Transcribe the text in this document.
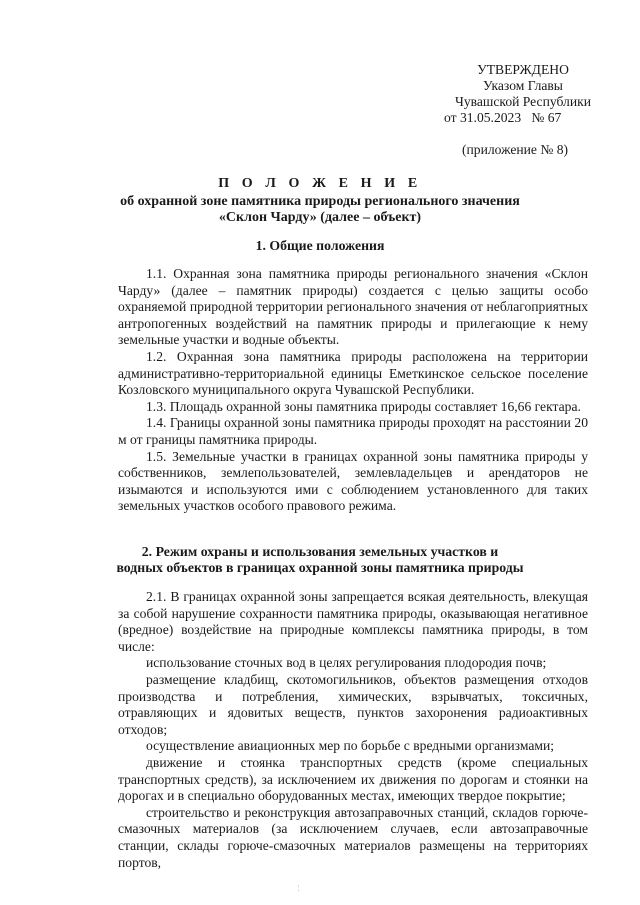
УТВЕРЖДЕНО
Указом Главы
Чувашской Республики
от 31.05.2023   № 67
(приложение № 8)
П О Л О Ж Е Н И Е
об охранной зоне памятника природы регионального значения
«Склон Чарду» (далее – объект)
1. Общие положения

1.1. Охранная зона памятника природы регионального значения «Склон Чарду» (далее – памятник природы) создается с целью защиты особо охраняемой природной территории регионального значения от неблагоприятных антропогенных воздействий на памятник природы и прилегающие к нему земельные участки и водные объекты.

1.2. Охранная зона памятника природы расположена на территории административно-территориальной единицы Еметкинское сельское поселение Козловского муниципального округа Чувашской Республики.

1.3. Площадь охранной зоны памятника природы составляет 16,66 гектара.

1.4. Границы охранной зоны памятника природы проходят на расстоянии 20 м от границы памятника природы.

1.5. Земельные участки в границах охранной зоны памятника природы у собственников, землепользователей, землевладельцев и арендаторов не изымаются и используются ими с соблюдением установленного для таких земельных участков особого правового режима.

2. Режим охраны и использования земельных участков и
водных объектов в границах охранной зоны памятника природы

2.1. В границах охранной зоны запрещается всякая деятельность, влекущая за собой нарушение сохранности памятника природы, оказывающая негативное (вредное) воздействие на природные комплексы памятника природы, в том числе:

использование сточных вод в целях регулирования плодородия почв;

размещение кладбищ, скотомогильников, объектов размещения отходов производства и потребления, химических, взрывчатых, токсичных, отравляющих и ядовитых веществ, пунктов захоронения радиоактивных отходов;

осуществление авиационных мер по борьбе с вредными организмами;

движение и стоянка транспортных средств (кроме специальных транспортных средств), за исключением их движения по дорогам и стоянки на дорогах и в специально оборудованных местах, имеющих твердое покрытие;

строительство и реконструкция автозаправочных станций, складов горюче-смазочных материалов (за исключением случаев, если автозаправочные станции, склады горюче-смазочных материалов размещены на территориях портов,

¦
